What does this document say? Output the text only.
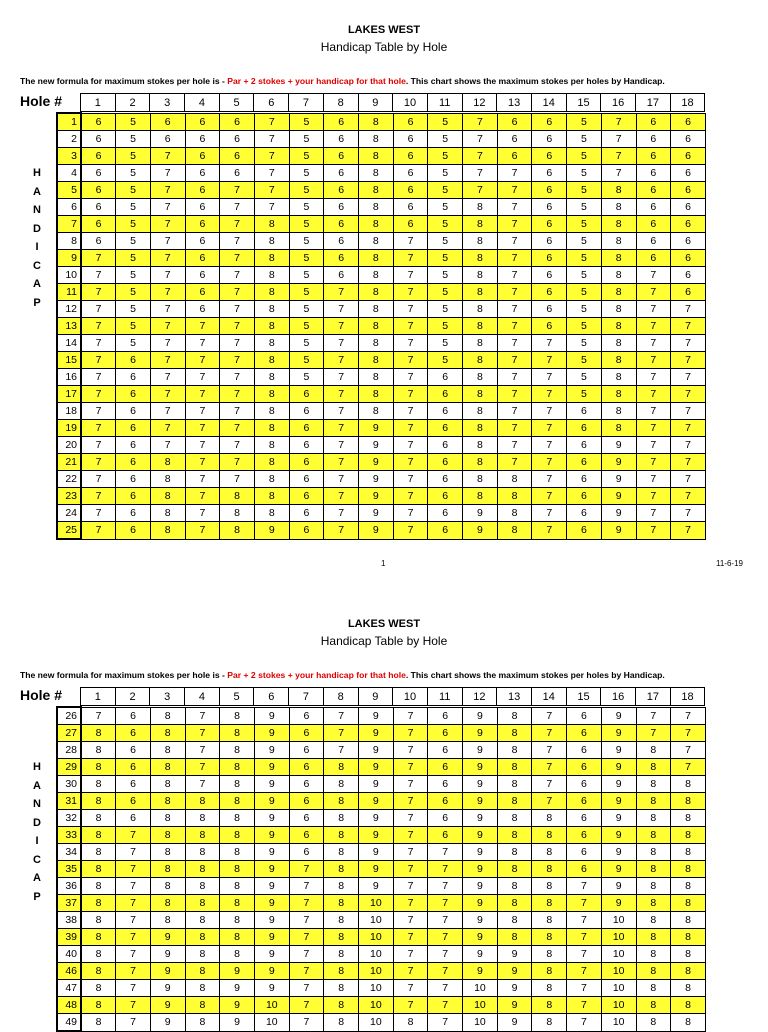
LAKES WEST
Handicap Table by Hole
The new formula for maximum stokes per hole is - Par + 2 stokes + your handicap for that hole. This chart shows the maximum stokes per holes by Handicap.
Hole #	1	2	3	4	5	6	7	8	9	10	11	12	13	14	15	16	17	18
H
A
N
D
I
C
A
P
1	6	5	6	6	6	7	5	6	8	6	5	7	6	6	5	7	6	6
2	6	5	6	6	6	7	5	6	8	6	5	7	6	6	5	7	6	6
3	6	5	7	6	6	7	5	6	8	6	5	7	6	6	5	7	6	6
4	6	5	7	6	6	7	5	6	8	6	5	7	7	6	5	7	6	6
5	6	5	7	6	7	7	5	6	8	6	5	7	7	6	5	8	6	6
6	6	5	7	6	7	7	5	6	8	6	5	8	7	6	5	8	6	6
7	6	5	7	6	7	8	5	6	8	6	5	8	7	6	5	8	6	6
8	6	5	7	6	7	8	5	6	8	7	5	8	7	6	5	8	6	6
9	7	5	7	6	7	8	5	6	8	7	5	8	7	6	5	8	6	6
10	7	5	7	6	7	8	5	6	8	7	5	8	7	6	5	8	7	6
11	7	5	7	6	7	8	5	7	8	7	5	8	7	6	5	8	7	6
12	7	5	7	6	7	8	5	7	8	7	5	8	7	6	5	8	7	7
13	7	5	7	7	7	8	5	7	8	7	5	8	7	6	5	8	7	7
14	7	5	7	7	7	8	5	7	8	7	5	8	7	7	5	8	7	7
15	7	6	7	7	7	8	5	7	8	7	5	8	7	7	5	8	7	7
16	7	6	7	7	7	8	5	7	8	7	6	8	7	7	5	8	7	7
17	7	6	7	7	7	8	6	7	8	7	6	8	7	7	5	8	7	7
18	7	6	7	7	7	8	6	7	8	7	6	8	7	7	6	8	7	7
19	7	6	7	7	7	8	6	7	9	7	6	8	7	7	6	8	7	7
20	7	6	7	7	7	8	6	7	9	7	6	8	7	7	6	9	7	7
21	7	6	8	7	7	8	6	7	9	7	6	8	7	7	6	9	7	7
22	7	6	8	7	7	8	6	7	9	7	6	8	8	7	6	9	7	7
23	7	6	8	7	8	8	6	7	9	7	6	8	8	7	6	9	7	7
24	7	6	8	7	8	8	6	7	9	7	6	9	8	7	6	9	7	7
25	7	6	8	7	8	9	6	7	9	7	6	9	8	7	6	9	7	7
1	11-6-19
LAKES WEST
Handicap Table by Hole
The new formula for maximum stokes per hole is - Par + 2 stokes + your handicap for that hole. This chart shows the maximum stokes per holes by Handicap.
Hole #	1	2	3	4	5	6	7	8	9	10	11	12	13	14	15	16	17	18
H
A
N
D
I
C
A
P
26	7	6	8	7	8	9	6	7	9	7	6	9	8	7	6	9	7	7
27	8	6	8	7	8	9	6	7	9	7	6	9	8	7	6	9	7	7
28	8	6	8	7	8	9	6	7	9	7	6	9	8	7	6	9	8	7
29	8	6	8	7	8	9	6	8	9	7	6	9	8	7	6	9	8	7
30	8	6	8	7	8	9	6	8	9	7	6	9	8	7	6	9	8	8
31	8	6	8	8	8	9	6	8	9	7	6	9	8	7	6	9	8	8
32	8	6	8	8	8	9	6	8	9	7	6	9	8	8	6	9	8	8
33	8	7	8	8	8	9	6	8	9	7	6	9	8	8	6	9	8	8
34	8	7	8	8	8	9	6	8	9	7	7	9	8	8	6	9	8	8
35	8	7	8	8	8	9	7	8	9	7	7	9	8	8	6	9	8	8
36	8	7	8	8	8	9	7	8	9	7	7	9	8	8	7	9	8	8
37	8	7	8	8	8	9	7	8	10	7	7	9	8	8	7	9	8	8
38	8	7	8	8	8	9	7	8	10	7	7	9	8	8	7	10	8	8
39	8	7	9	8	8	9	7	8	10	7	7	9	8	8	7	10	8	8
40	8	7	9	8	8	9	7	8	10	7	7	9	9	8	7	10	8	8
46	8	7	9	8	9	9	7	8	10	7	7	9	9	8	7	10	8	8
47	8	7	9	8	9	9	7	8	10	7	7	10	9	8	7	10	8	8
48	8	7	9	8	9	10	7	8	10	7	7	10	9	8	7	10	8	8
49	8	7	9	8	9	10	7	8	10	8	7	10	9	8	7	10	8	8
